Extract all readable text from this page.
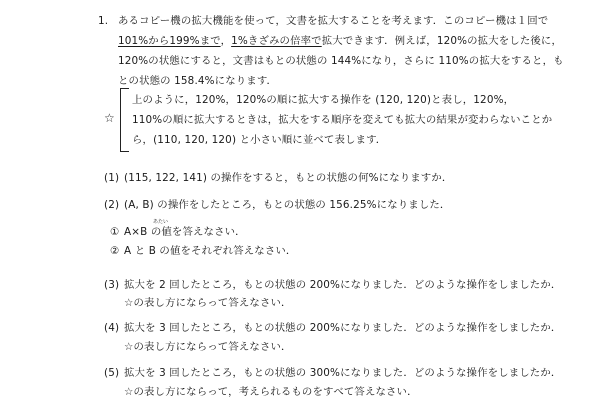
1. あるコピー機の拡大機能を使って，文書を拡大することを考えます．このコピー機は１回で
101%から199%まで，1%きざみの倍率で拡大できます．例えば，120%の拡大をした後に，
120%の状態にすると，文書はもとの状態の 144%になり，さらに 110%の拡大をすると，も
との状態の 158.4%になります．
☆
上のように，120%，120%の順に拡大する操作を (120, 120)と表し，120%，
110%の順に拡大するときは，拡大をする順序を変えても拡大の結果が変わらないことか
ら，(110, 120, 120) と小さい順に並べて表します．
(1) (115, 122, 141) の操作をすると，もとの状態の何%になりますか．
(2) (A, B) の操作をしたところ，もとの状態の 156.25%になりました．
あたい
① A×B の値を答えなさい．
② A と B の値をそれぞれ答えなさい．
(3) 拡大を 2 回したところ，もとの状態の 200%になりました．どのような操作をしましたか．
☆の表し方にならって答えなさい．
(4) 拡大を 3 回したところ，もとの状態の 200%になりました．どのような操作をしましたか．
☆の表し方にならって答えなさい．
(5) 拡大を 3 回したところ，もとの状態の 300%になりました．どのような操作をしましたか．
☆の表し方にならって，考えられるものをすべて答えなさい．
